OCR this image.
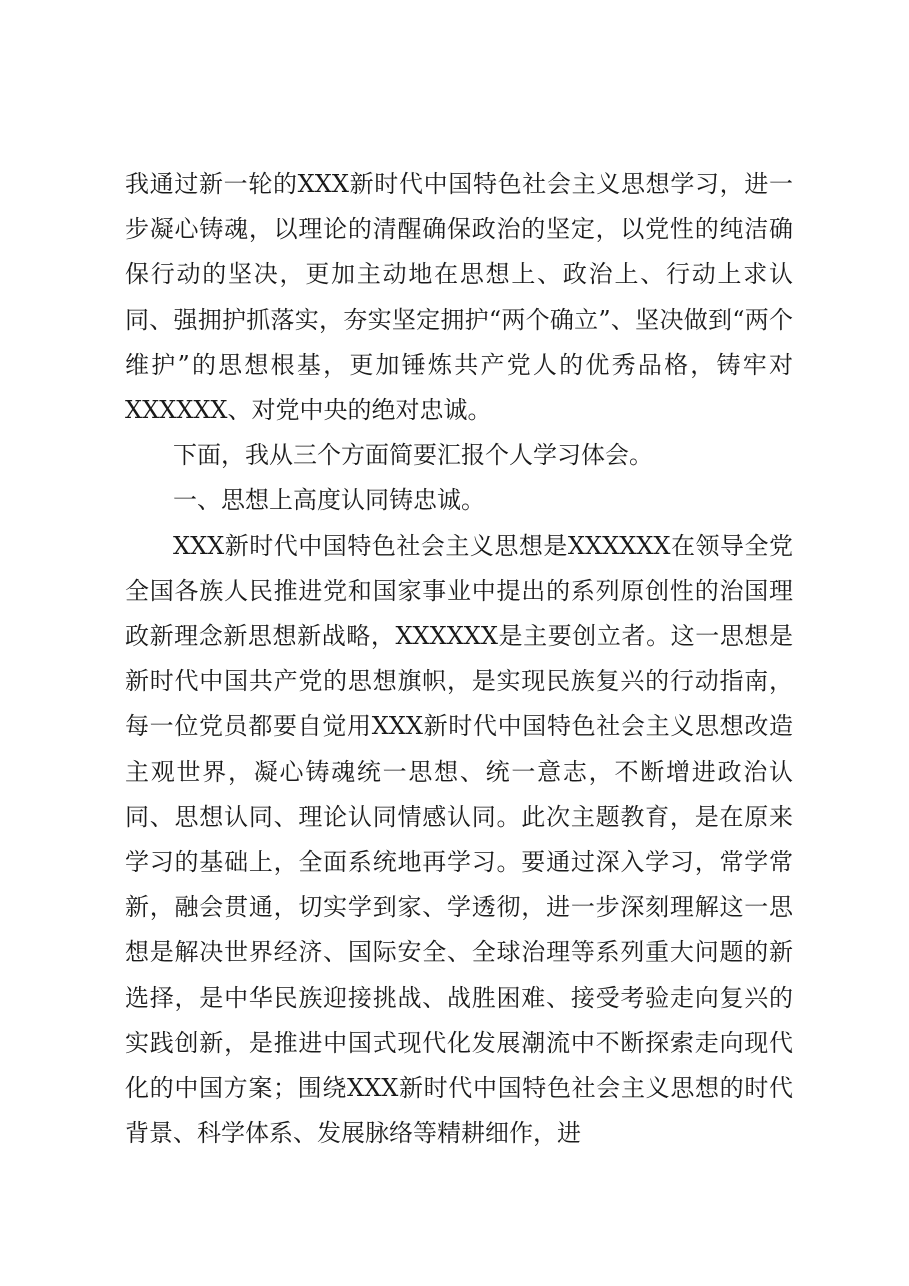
我通过新一轮的XXX新时代中国特色社会主义思想学习，进一步凝心铸魂，以理论的清醒确保政治的坚定，以党性的纯洁确保行动的坚决，更加主动地在思想上、政治上、行动上求认同、强拥护抓落实，夯实坚定拥护“两个确立”、坚决做到“两个维护”的思想根基，更加锤炼共产党人的优秀品格，铸牢对XXXXXX、对党中央的绝对忠诚。

下面，我从三个方面简要汇报个人学习体会。

一、思想上高度认同铸忠诚。

XXX新时代中国特色社会主义思想是XXXXXX在领导全党全国各族人民推进党和国家事业中提出的系列原创性的治国理政新理念新思想新战略，XXXXXX是主要创立者。这一思想是新时代中国共产党的思想旗帜，是实现民族复兴的行动指南，每一位党员都要自觉用XXX新时代中国特色社会主义思想改造主观世界，凝心铸魂统一思想、统一意志，不断增进政治认同、思想认同、理论认同情感认同。此次主题教育，是在原来学习的基础上，全面系统地再学习。要通过深入学习，常学常新，融会贯通，切实学到家、学透彻，进一步深刻理解这一思想是解决世界经济、国际安全、全球治理等系列重大问题的新选择，是中华民族迎接挑战、战胜困难、接受考验走向复兴的实践创新，是推进中国式现代化发展潮流中不断探索走向现代化的中国方案；围绕XXX新时代中国特色社会主义思想的时代背景、科学体系、发展脉络等精耕细作，进
